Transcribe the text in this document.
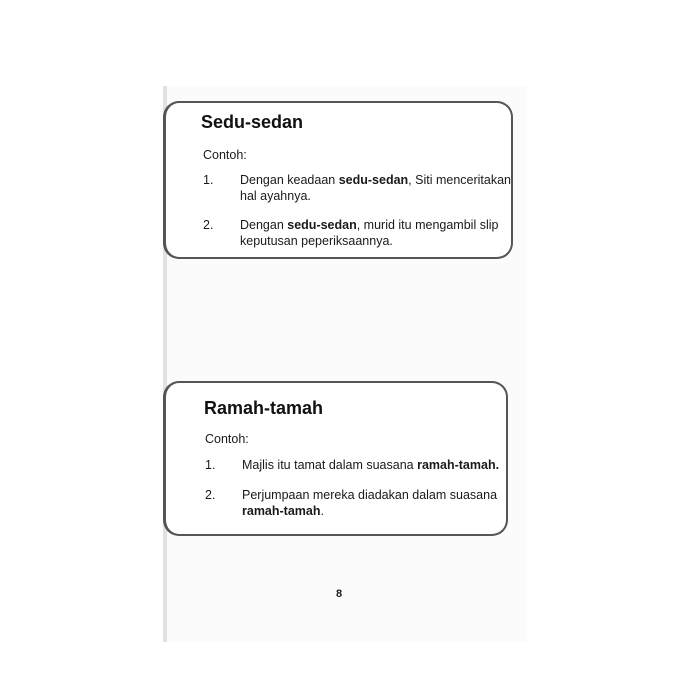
Sedu-sedan
Contoh:
1. Dengan keadaan sedu-sedan, Siti menceritakan
hal ayahnya.
2. Dengan sedu-sedan, murid itu mengambil slip
keputusan peperiksaannya.
Ramah-tamah
Contoh:
1. Majlis itu tamat dalam suasana ramah-tamah.
2. Perjumpaan mereka diadakan dalam suasana
ramah-tamah.
8
